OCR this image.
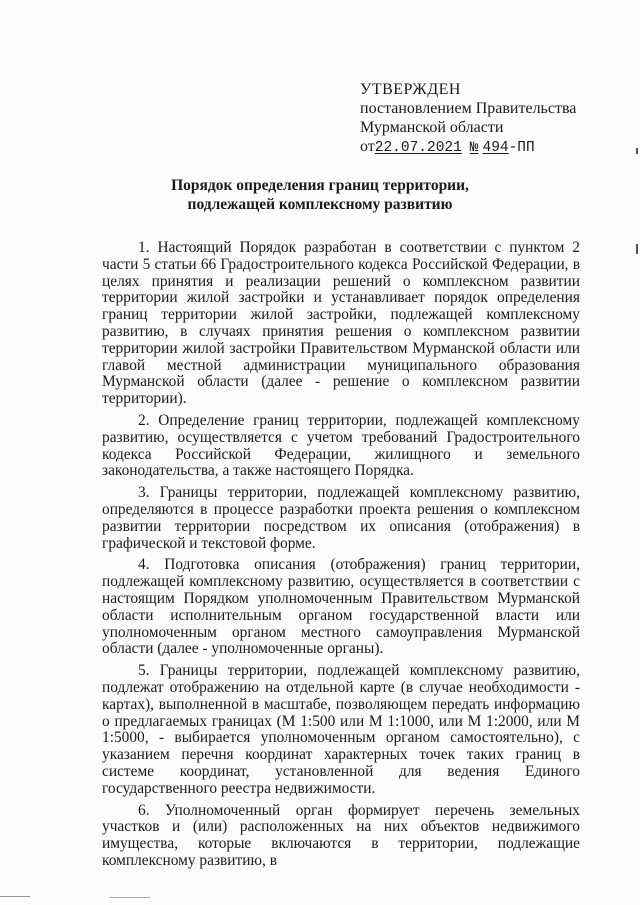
УТВЕРЖДЕН
постановлением Правительства
Мурманской области
от22.07.2021 № 494-ПП
Порядок определения границ территории, подлежащей комплексному развитию

1. Настоящий Порядок разработан в соответствии с пунктом 2 части 5 статьи 66 Градостроительного кодекса Российской Федерации, в целях принятия и реализации решений о комплексном развитии территории жилой застройки и устанавливает порядок определения границ территории жилой застройки, подлежащей комплексному развитию, в случаях принятия решения о комплексном развитии территории жилой застройки Правительством Мурманской области или главой местной администрации муниципального образования Мурманской области (далее - решение о комплексном развитии территории).

2. Определение границ территории, подлежащей комплексному развитию, осуществляется с учетом требований Градостроительного кодекса Российской Федерации, жилищного и земельного законодательства, а также настоящего Порядка.

3. Границы территории, подлежащей комплексному развитию, определяются в процессе разработки проекта решения о комплексном развитии территории посредством их описания (отображения) в графической и текстовой форме.

4. Подготовка описания (отображения) границ территории, подлежащей комплексному развитию, осуществляется в соответствии с настоящим Порядком уполномоченным Правительством Мурманской области исполнительным органом государственной власти или уполномоченным органом местного самоуправления Мурманской области (далее - уполномоченные органы).

5. Границы территории, подлежащей комплексному развитию, подлежат отображению на отдельной карте (в случае необходимости - картах), выполненной в масштабе, позволяющем передать информацию о предлагаемых границах (М 1:500 или М 1:1000, или М 1:2000, или М 1:5000, - выбирается уполномоченным органом самостоятельно), с указанием перечня координат характерных точек таких границ в системе координат, установленной для ведения Единого государственного реестра недвижимости.

6. Уполномоченный орган формирует перечень земельных участков и (или) расположенных на них объектов недвижимого имущества, которые включаются в территории, подлежащие комплексному развитию, в
